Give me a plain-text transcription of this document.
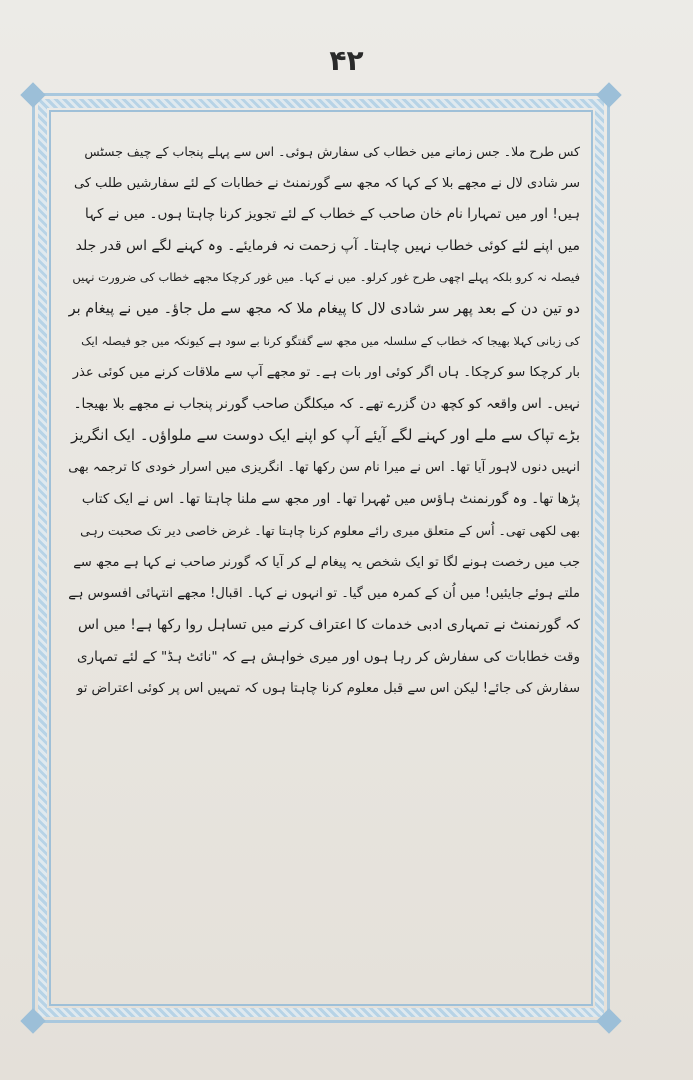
۴۲
کس طرح ملا۔ جس زمانے میں خطاب کی سفارش ہوئی۔ اس سے پہلے پنجاب کے چیف جسٹس
سر شادی لال نے مجھے بلا کے کہا کہ مجھ سے گورنمنٹ نے خطابات کے لئے سفارشیں طلب کی
ہیں! اور میں تمہارا نام خان صاحب کے خطاب کے لئے تجویز کرنا چاہتا ہوں۔ میں نے کہا
میں اپنے لئے کوئی خطاب نہیں چاہتا۔ آپ زحمت نہ فرمایئے۔ وہ کہنے لگے اس قدر جلد
فیصلہ نہ کرو بلکہ پہلے اچھی طرح غور کرلو۔ میں نے کہا۔ میں غور کرچکا مجھے خطاب کی ضرورت نہیں
دو تین دن کے بعد پھر سر شادی لال کا پیغام ملا کہ مجھ سے مل جاؤ۔ میں نے پیغام بر
کی زبانی کہلا بھیجا کہ خطاب کے سلسلہ میں مجھ سے گفتگو کرنا بے سود ہے کیونکہ میں جو فیصلہ ایک
بار کرچکا سو کرچکا۔ ہاں اگر کوئی اور بات ہے۔ تو مجھے آپ سے ملاقات کرنے میں کوئی عذر
نہیں۔ اس واقعہ کو کچھ دن گزرے تھے۔ کہ میکلگن صاحب گورنر پنجاب نے مجھے بلا بھیجا۔
بڑے تپاک سے ملے اور کہنے لگے آیئے آپ کو اپنے ایک دوست سے ملواؤں۔ ایک انگریز
انہیں دنوں لاہور آیا تھا۔ اس نے میرا نام سن رکھا تھا۔ انگریزی میں اسرار خودی کا ترجمہ بھی
پڑھا تھا۔ وہ گورنمنٹ ہاؤس میں ٹھہرا تھا۔ اور مجھ سے ملنا چاہتا تھا۔ اس نے ایک کتاب
بھی لکھی تھی۔ اُس کے متعلق میری رائے معلوم کرنا چاہتا تھا۔ غرض خاصی دیر تک صحبت رہی
جب میں رخصت ہونے لگا تو ایک شخص یہ پیغام لے کر آیا کہ گورنر صاحب نے کہا ہے مجھ سے
ملتے ہوئے جایئیں! میں اُن کے کمرہ میں گیا۔ تو انہوں نے کہا۔ اقبال! مجھے انتہائی افسوس ہے
کہ گورنمنٹ نے تمہاری ادبی خدمات کا اعتراف کرنے میں تساہل روا رکھا ہے! میں اس
وقت خطابات کی سفارش کر رہا ہوں اور میری خواہش ہے کہ "نائٹ ہڈ" کے لئے تمہاری
سفارش کی جائے! لیکن اس سے قبل معلوم کرنا چاہتا ہوں کہ تمہیں اس پر کوئی اعتراض تو
